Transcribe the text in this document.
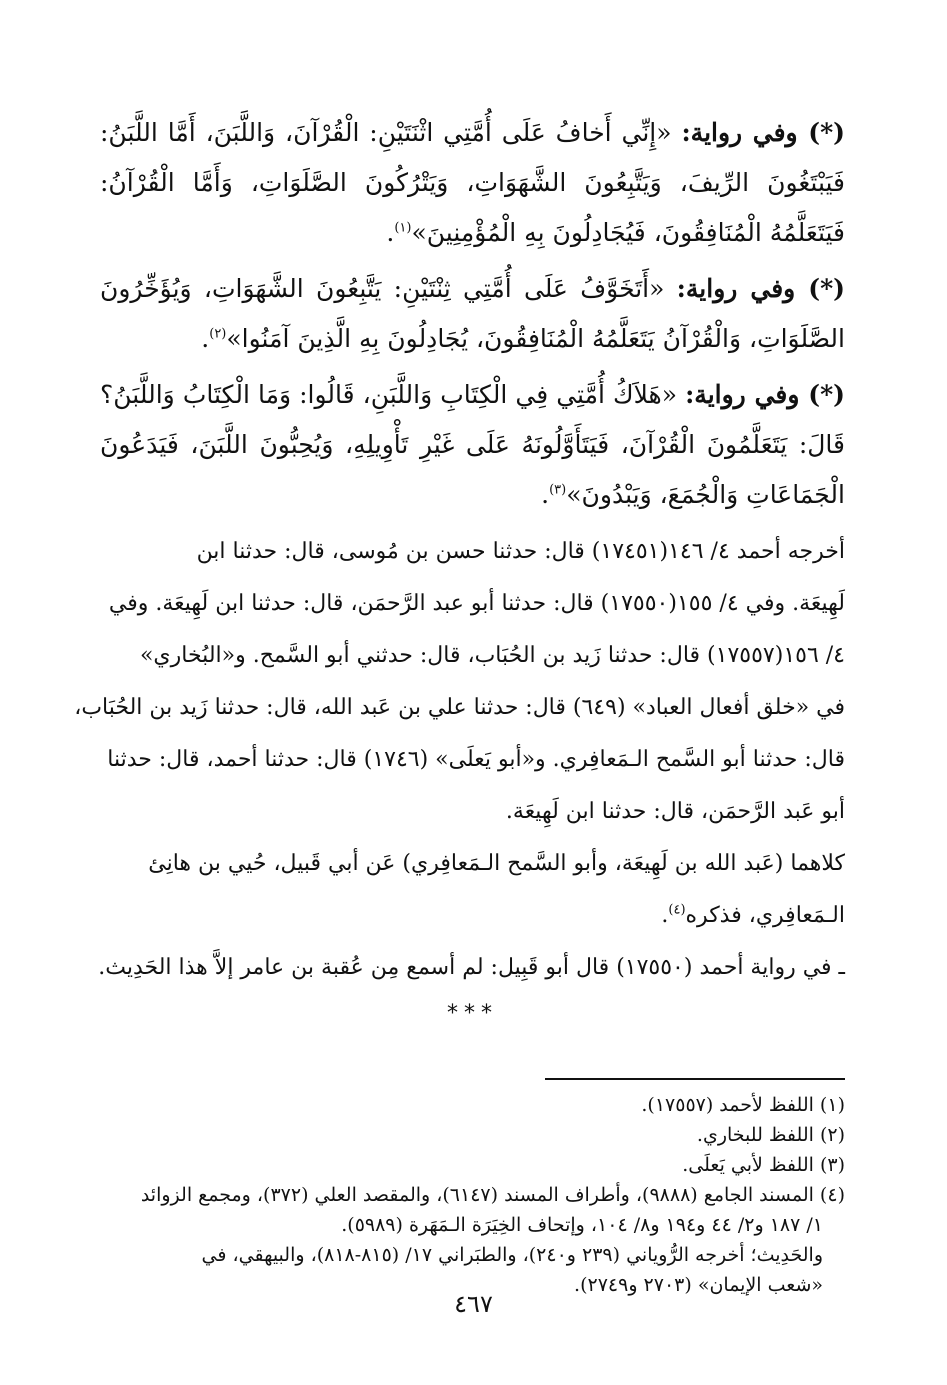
(*) وفي رواية: «إِنِّي أَخافُ عَلَى أُمَّتِي اثْنَتَيْنِ: الْقُرْآنَ، وَاللَّبَنَ، أَمَّا اللَّبَنُ: فَيَبْتَغُونَ الرِّيفَ، وَيَتَّبِعُونَ الشَّهَوَاتِ، وَيَتْرُكُونَ الصَّلَوَاتِ، وَأَمَّا الْقُرْآنُ: فَيَتَعَلَّمُهُ الْمُنَافِقُونَ، فَيُجَادِلُونَ بِهِ الْمُؤْمِنِينَ»$^{(١)}$.

(*) وفي رواية: «أَتَخَوَّفُ عَلَى أُمَّتِي ثِنْتَيْنِ: يَتَّبِعُونَ الشَّهَوَاتِ، وَيُؤَخِّرُونَ الصَّلَوَاتِ، وَالْقُرْآنُ يَتَعَلَّمُهُ الْمُنَافِقُونَ، يُجَادِلُونَ بِهِ الَّذِينَ آمَنُوا»$^{(٢)}$.

(*) وفي رواية: «هَلاَكُ أُمَّتِي فِي الْكِتَابِ وَاللَّبَنِ، قَالُوا: وَمَا الْكِتَابُ وَاللَّبَنُ؟ قَالَ: يَتَعَلَّمُونَ الْقُرْآنَ، فَيَتَأَوَّلُونَهُ عَلَى غَيْرِ تَأْوِيلِهِ، وَيُحِبُّونَ اللَّبَنَ، فَيَدَعُونَ الْجَمَاعَاتِ وَالْجُمَعَ، وَيَبْدُونَ»$^{(٣)}$.

أخرجه أحمد ٤/ ١٤٦(١٧٤٥١) قال: حدثنا حسن بن مُوسى، قال: حدثنا ابن
لَهِيعَة. وفي ٤/ ١٥٥(١٧٥٥٠) قال: حدثنا أبو عبد الرَّحمَن، قال: حدثنا ابن لَهِيعَة. وفي
٤/ ١٥٦(١٧٥٥٧) قال: حدثنا زَيد بن الحُبَاب، قال: حدثني أبو السَّمح. و«البُخاري»
في «خلق أفعال العباد» (٦٤٩) قال: حدثنا علي بن عَبد الله، قال: حدثنا زَيد بن الحُبَاب،
قال: حدثنا أبو السَّمح الـمَعافِري. و«أبو يَعلَى» (١٧٤٦) قال: حدثنا أحمد، قال: حدثنا
أبو عَبد الرَّحمَن، قال: حدثنا ابن لَهِيعَة.
كلاهما (عَبد الله بن لَهِيعَة، وأبو السَّمح الـمَعافِري) عَن أبي قَبيل، حُيي بن هانِئ
الـمَعافِري، فذكره$^{(٤)}$.
ـ في رواية أحمد (١٧٥٥٠) قال أبو قَبِيل: لم أسمع مِن عُقبة بن عامر إلاَّ هذا الحَدِيث.

***

(١) اللفظ لأحمد (١٧٥٥٧).

(٢) اللفظ للبخاري.

(٣) اللفظ لأبي يَعلَى.

(٤) المسند الجامع (٩٨٨٨)، وأطراف المسند (٦١٤٧)، والمقصد العلي (٣٧٢)، ومجمع الزوائد

١/ ١٨٧ و٢/ ٤٤ و١٩٤ و٨/ ١٠٤، وإتحاف الخِيَرَة الـمَهَرة (٥٩٨٩).

والحَدِيث؛ أخرجه الرُّوياني (٢٣٩ و٢٤٠)، والطبَراني ١٧/ (٨١٥-٨١٨)، والبيهقي، في

«شعب الإيمان» (٢٧٠٣ و٢٧٤٩).

٤٦٧
